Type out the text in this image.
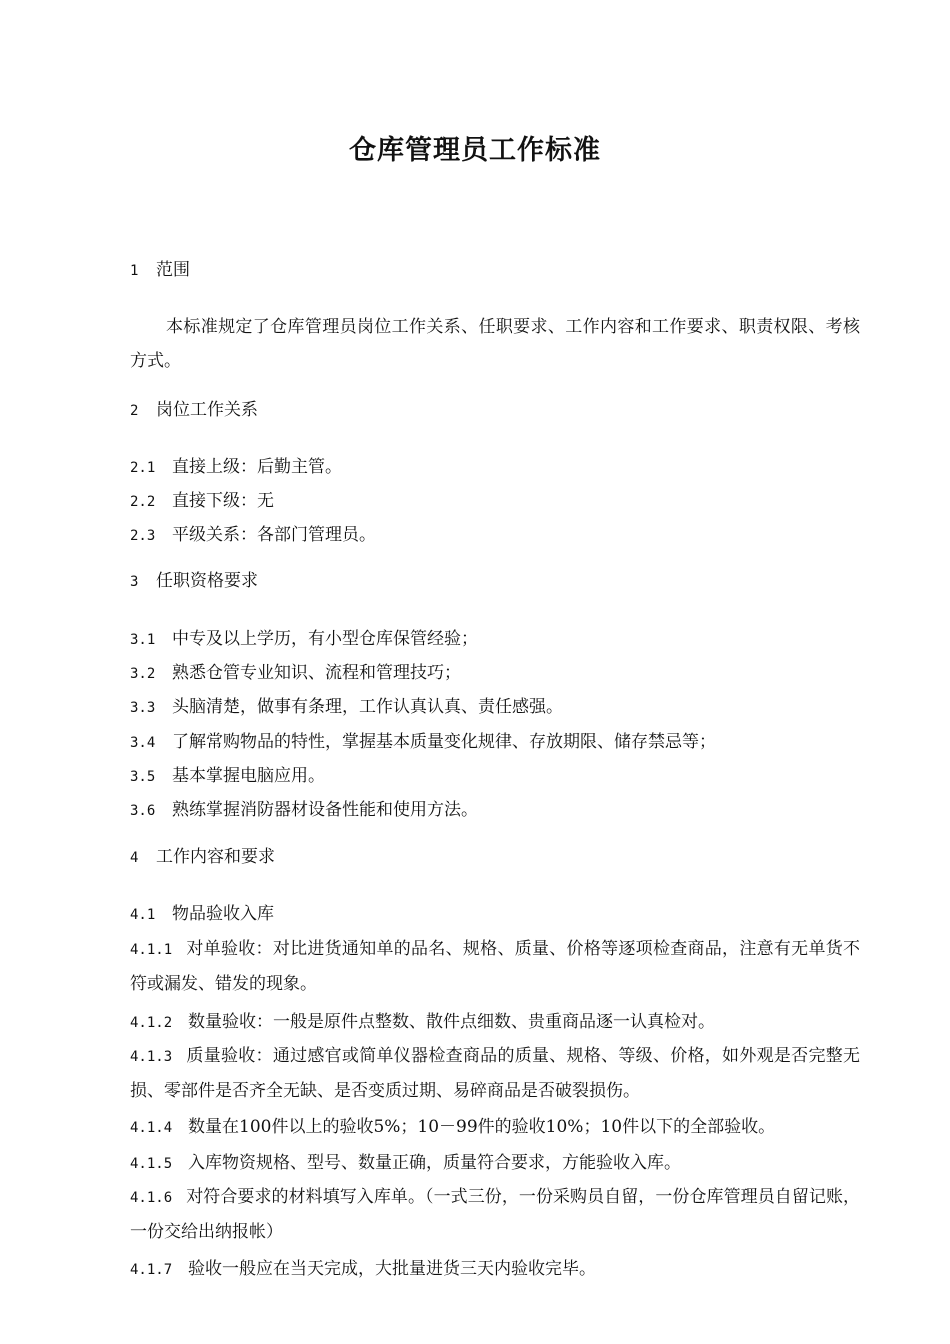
仓库管理员工作标准
1 范围
本标准规定了仓库管理员岗位工作关系、任职要求、工作内容和工作要求、职责权限、考核方式。
2 岗位工作关系
2.1 直接上级：后勤主管。
2.2 直接下级：无
2.3 平级关系：各部门管理员。
3 任职资格要求
3.1 中专及以上学历，有小型仓库保管经验；
3.2 熟悉仓管专业知识、流程和管理技巧；
3.3 头脑清楚，做事有条理，工作认真认真、责任感强。
3.4 了解常购物品的特性，掌握基本质量变化规律、存放期限、储存禁忌等；
3.5 基本掌握电脑应用。
3.6 熟练掌握消防器材设备性能和使用方法。
4 工作内容和要求
4.1 物品验收入库
4.1.1 对单验收：对比进货通知单的品名、规格、质量、价格等逐项检查商品，注意有无单货不符或漏发、错发的现象。
4.1.2 数量验收：一般是原件点整数、散件点细数、贵重商品逐一认真检对。
4.1.3 质量验收：通过感官或简单仪器检查商品的质量、规格、等级、价格，如外观是否完整无损、零部件是否齐全无缺、是否变质过期、易碎商品是否破裂损伤。
4.1.4 数量在100件以上的验收5%；10－99件的验收10%；10件以下的全部验收。
4.1.5 入库物资规格、型号、数量正确，质量符合要求，方能验收入库。
4.1.6 对符合要求的材料填写入库单。（一式三份，一份采购员自留，一份仓库管理员自留记账，一份交给出纳报帐）
4.1.7 验收一般应在当天完成，大批量进货三天内验收完毕。
